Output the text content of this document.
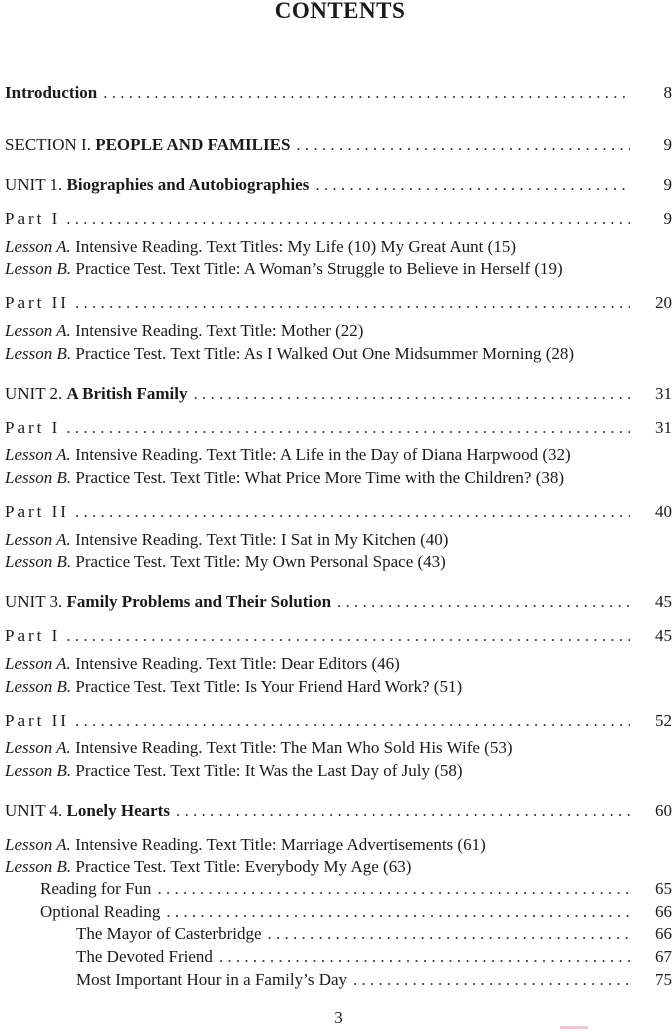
CONTENTS
Introduction . . .	8
SECTION I. PEOPLE AND FAMILIES . . .	9
UNIT 1. Biographies and Autobiographies . . .	9
Part I . . .	9
Lesson A. Intensive Reading. Text Titles: My Life (10) My Great Aunt (15)
Lesson B. Practice Test. Text Title: A Woman’s Struggle to Believe in Herself (19)
Part II . . .	20
Lesson A. Intensive Reading. Text Title: Mother (22)
Lesson B. Practice Test. Text Title: As I Walked Out One Midsummer Morning (28)
UNIT 2. A British Family . . .	31
Part I . . .	31
Lesson A. Intensive Reading. Text Title: A Life in the Day of Diana Harpwood (32)
Lesson B. Practice Test. Text Title: What Price More Time with the Children? (38)
Part II . . .	40
Lesson A. Intensive Reading. Text Title: I Sat in My Kitchen (40)
Lesson B. Practice Test. Text Title: My Own Personal Space (43)
UNIT 3. Family Problems and Their Solution . . .	45
Part I . . .	45
Lesson A. Intensive Reading. Text Title: Dear Editors (46)
Lesson B. Practice Test. Text Title: Is Your Friend Hard Work? (51)
Part II . . .	52
Lesson A. Intensive Reading. Text Title: The Man Who Sold His Wife (53)
Lesson B. Practice Test. Text Title: It Was the Last Day of July (58)
UNIT 4. Lonely Hearts . . .	60
Lesson A. Intensive Reading. Text Title: Marriage Advertisements (61)
Lesson B. Practice Test. Text Title: Everybody My Age (63)
Reading for Fun . . .	65
Optional Reading . . .	66
The Mayor of Casterbridge . . .	66
The Devoted Friend . . .	67
Most Important Hour in a Family’s Day . . .	75
3
